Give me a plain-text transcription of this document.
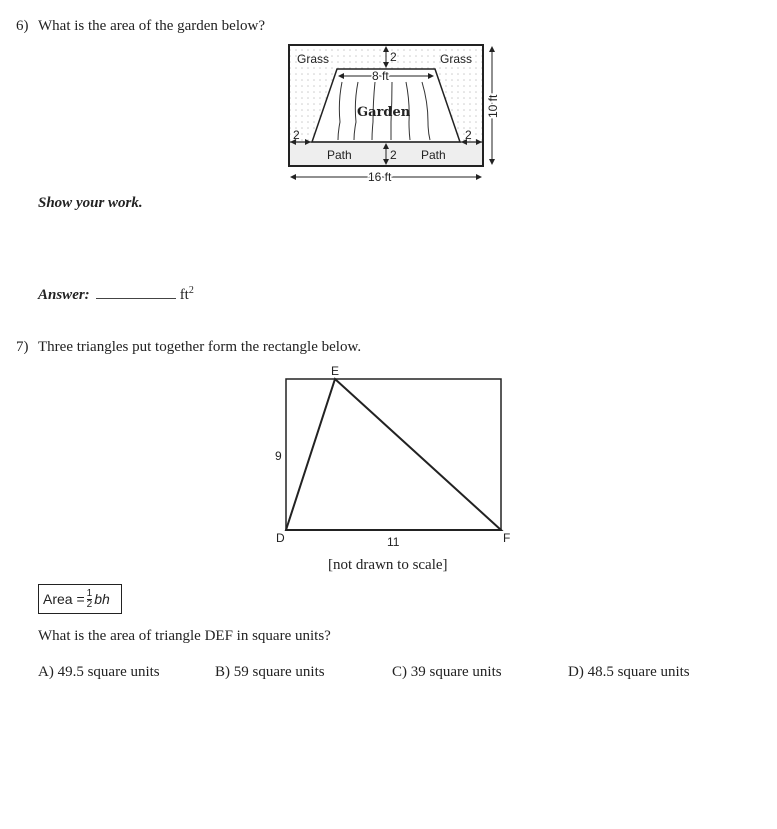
6) What is the area of the garden below?
Grass	Grass
2
8 ft
Garden
2	2
Path	Path
2
10 ft
16 ft
Show your work.
Answer:	$ft^2$
7) Three triangles put together form the rectangle below.
E
9
D	11	F
[not drawn to scale]
Area = $\frac{1}{2}$ bh
What is the area of triangle DEF in square units?
A) 49.5 square units	B) 59 square units	C) 39 square units	D) 48.5 square units
